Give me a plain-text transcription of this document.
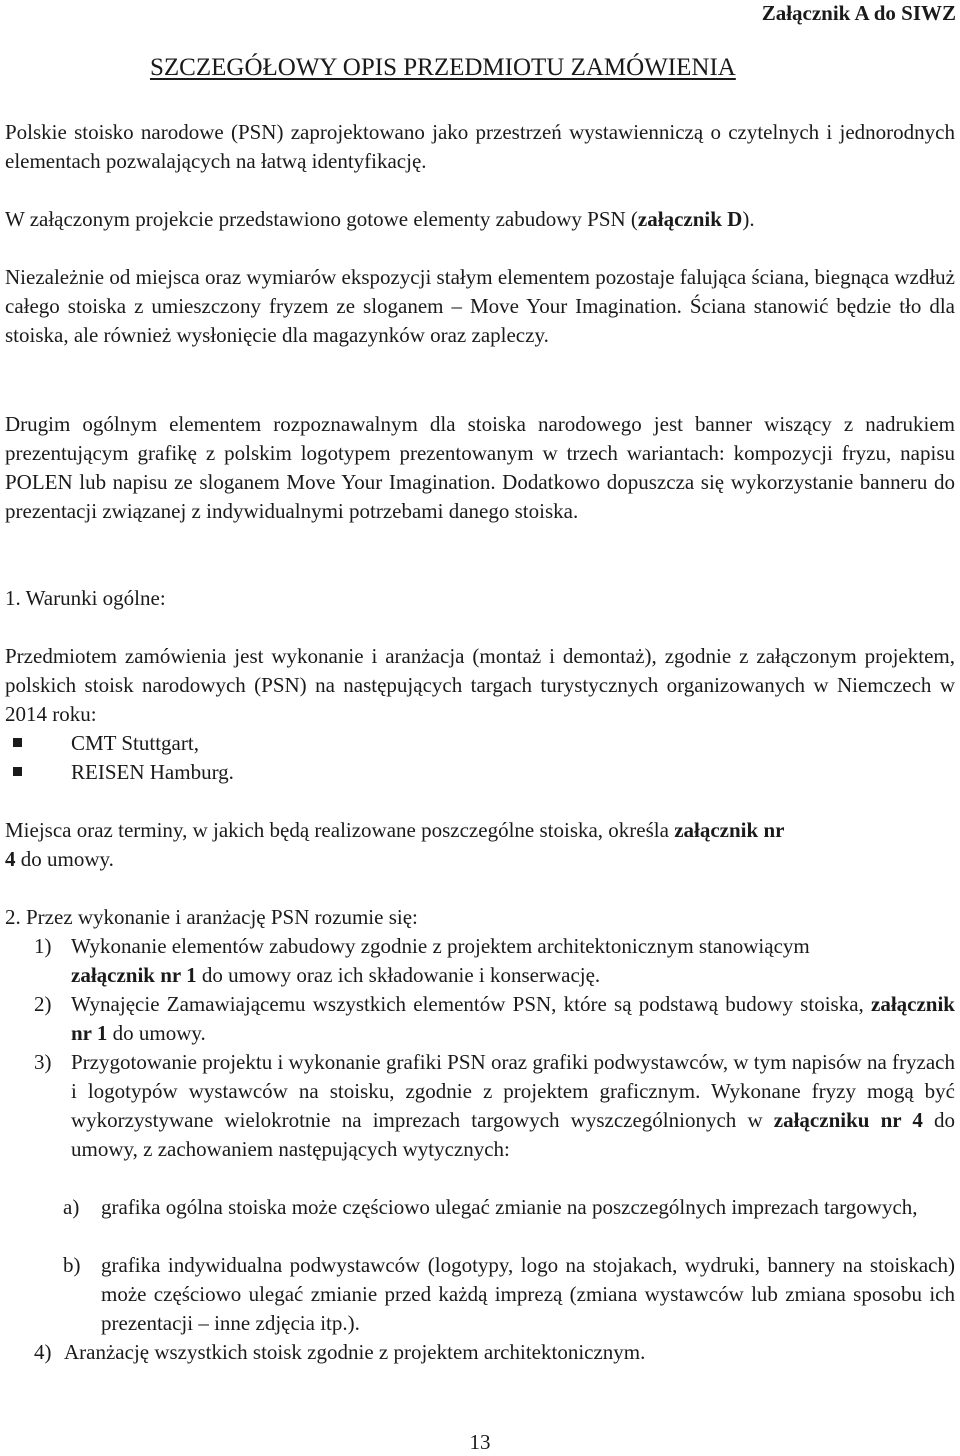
Załącznik A do SIWZ
SZCZEGÓŁOWY OPIS PRZEDMIOTU ZAMÓWIENIA
Polskie stoisko narodowe (PSN) zaprojektowano jako przestrzeń wystawienniczą o czytelnych i jednorodnych elementach pozwalających na łatwą identyfikację.
W załączonym projekcie przedstawiono gotowe elementy zabudowy PSN (załącznik D).
Niezależnie od miejsca oraz wymiarów ekspozycji stałym elementem pozostaje falująca ściana, biegnąca wzdłuż całego stoiska z umieszczony fryzem ze sloganem – Move Your Imagination. Ściana stanowić będzie tło dla stoiska, ale również wysłonięcie dla magazynków oraz zapleczy.
Drugim ogólnym elementem rozpoznawalnym dla stoiska narodowego jest banner wiszący z nadrukiem prezentującym grafikę z polskim logotypem prezentowanym w trzech wariantach: kompozycji fryzu, napisu POLEN lub napisu ze sloganem Move Your Imagination. Dodatkowo dopuszcza się wykorzystanie banneru do prezentacji związanej z indywidualnymi potrzebami danego stoiska.
1. Warunki ogólne:
Przedmiotem zamówienia jest wykonanie i aranżacja (montaż i demontaż), zgodnie z załączonym projektem, polskich stoisk narodowych (PSN) na następujących targach turystycznych organizowanych w Niemczech w 2014 roku:
CMT Stuttgart,
REISEN Hamburg.
Miejsca oraz terminy, w jakich będą realizowane poszczególne stoiska, określa załącznik nr
4 do umowy.
2. Przez wykonanie i aranżację PSN rozumie się:
1) Wykonanie elementów zabudowy zgodnie z projektem architektonicznym stanowiącym
załącznik nr 1 do umowy oraz ich składowanie i konserwację.
2) Wynajęcie Zamawiającemu wszystkich elementów PSN, które są podstawą budowy stoiska, załącznik nr 1 do umowy.
3) Przygotowanie projektu i wykonanie grafiki PSN oraz grafiki podwystawców, w tym napisów na fryzach i logotypów wystawców na stoisku, zgodnie z projektem graficznym. Wykonane fryzy mogą być wykorzystywane wielokrotnie na imprezach targowych wyszczególnionych w załączniku nr 4 do umowy, z zachowaniem następujących wytycznych:
a) grafika ogólna stoiska może częściowo ulegać zmianie na poszczególnych imprezach targowych,
b) grafika indywidualna podwystawców (logotypy, logo na stojakach, wydruki, bannery na stoiskach) może częściowo ulegać zmianie przed każdą imprezą (zmiana wystawców lub zmiana sposobu ich prezentacji – inne zdjęcia itp.).
4) Aranżację wszystkich stoisk zgodnie z projektem architektonicznym.
13
